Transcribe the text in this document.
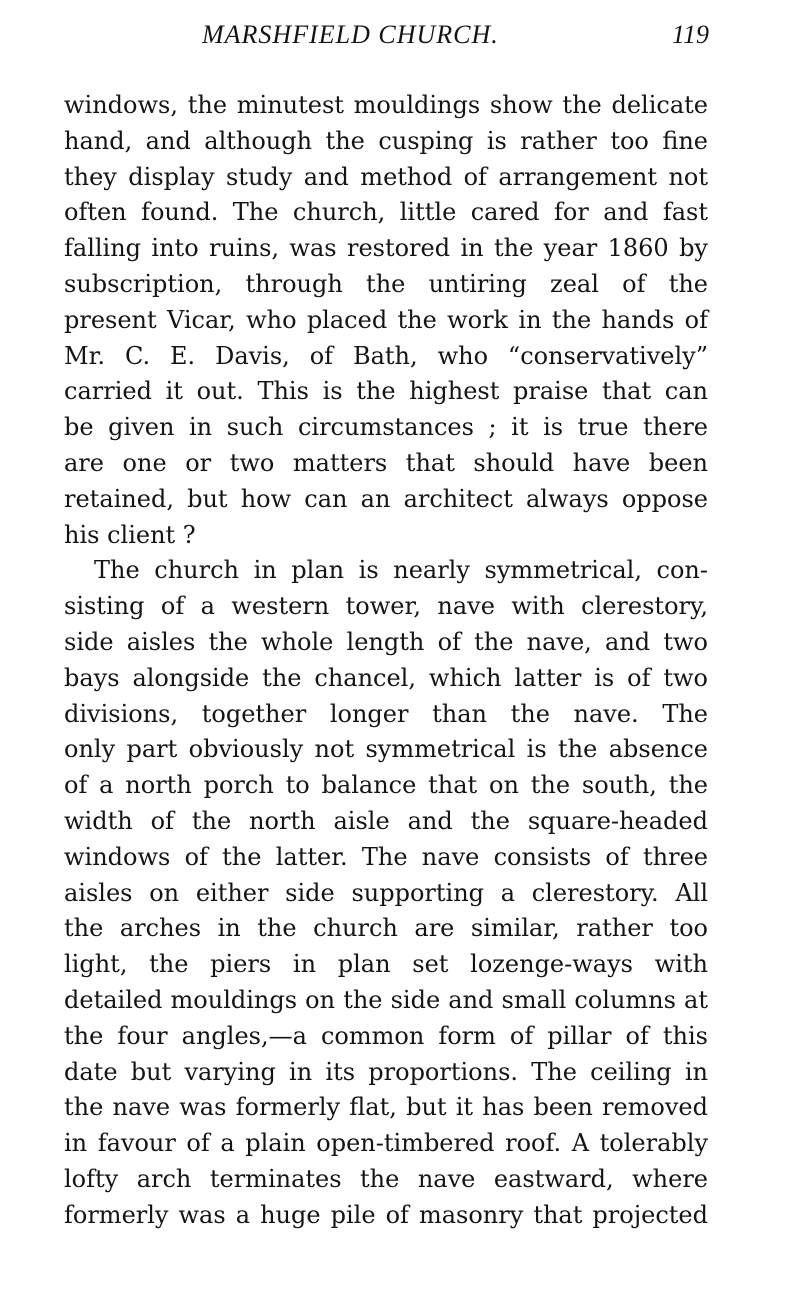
MARSHFIELD CHURCH.	119
windows, the minutest mouldings show the delicate
hand, and although the cusping is rather too fine
they display study and method of arrangement not
often found. The church, little cared for and fast
falling into ruins, was restored in the year 1860 by
subscription, through the untiring zeal of the
present Vicar, who placed the work in the hands of
Mr. C. E. Davis, of Bath, who “conservatively”
carried it out. This is the highest praise that can
be given in such circumstances ; it is true there
are one or two matters that should have been
retained, but how can an architect always oppose
his client ?
The church in plan is nearly symmetrical, con-
sisting of a western tower, nave with clerestory,
side aisles the whole length of the nave, and two
bays alongside the chancel, which latter is of two
divisions, together longer than the nave. The
only part obviously not symmetrical is the absence
of a north porch to balance that on the south, the
width of the north aisle and the square-headed
windows of the latter. The nave consists of three
aisles on either side supporting a clerestory. All
the arches in the church are similar, rather too
light, the piers in plan set lozenge-ways with
detailed mouldings on the side and small columns at
the four angles,—a common form of pillar of this
date but varying in its proportions. The ceiling in
the nave was formerly flat, but it has been removed
in favour of a plain open-timbered roof. A tolerably
lofty arch terminates the nave eastward, where
formerly was a huge pile of masonry that projected
